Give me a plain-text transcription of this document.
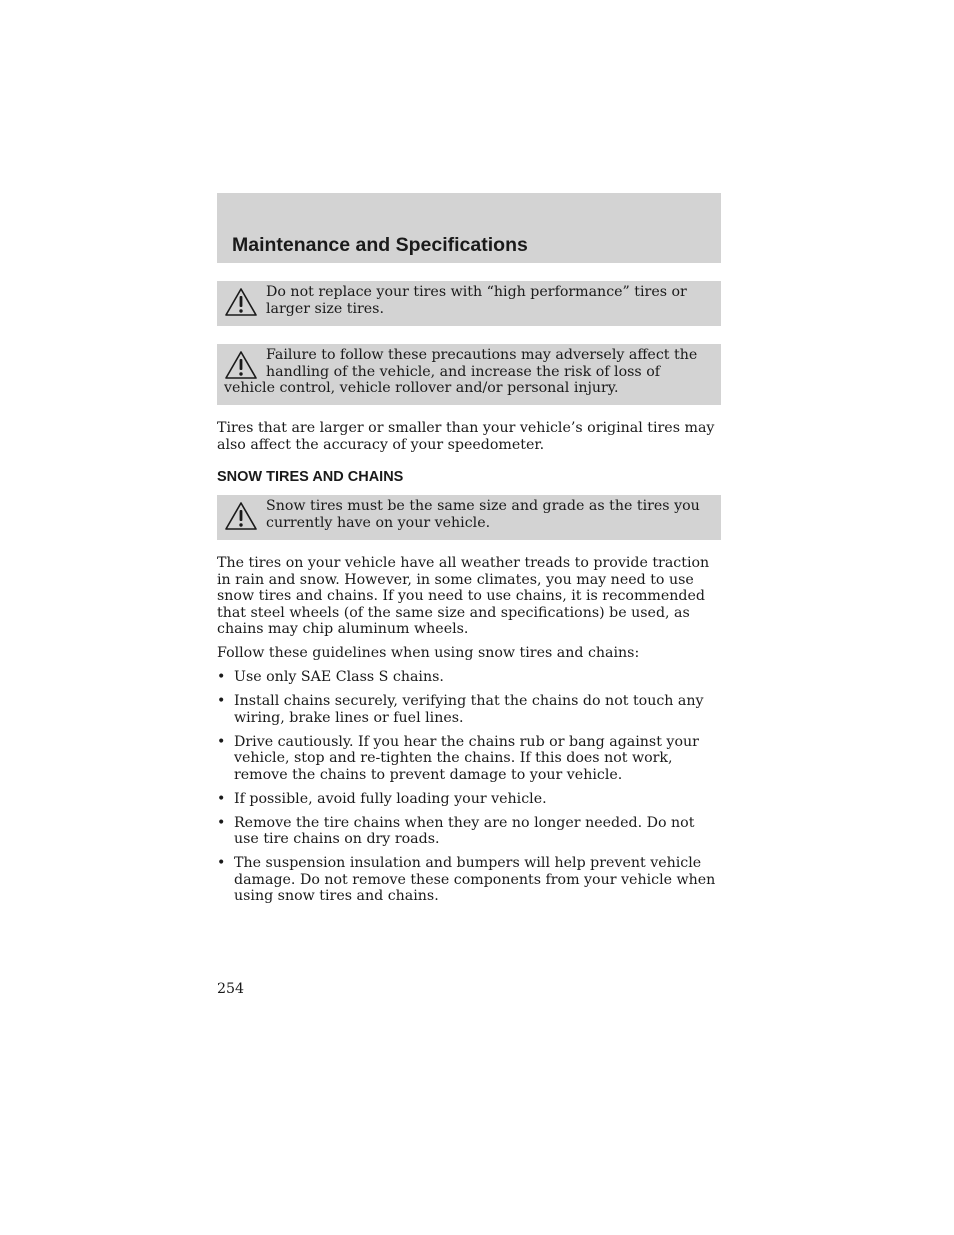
Maintenance and Specifications

Do not replace your tires with “high performance” tires or larger size tires.

Failure to follow these precautions may adversely affect the handling of the vehicle, and increase the risk of loss of vehicle control, vehicle rollover and/or personal injury.

Tires that are larger or smaller than your vehicle’s original tires may also affect the accuracy of your speedometer.

SNOW TIRES AND CHAINS

Snow tires must be the same size and grade as the tires you currently have on your vehicle.

The tires on your vehicle have all weather treads to provide traction in rain and snow. However, in some climates, you may need to use snow tires and chains. If you need to use chains, it is recommended that steel wheels (of the same size and specifications) be used, as chains may chip aluminum wheels.

Follow these guidelines when using snow tires and chains:

• Use only SAE Class S chains.
• Install chains securely, verifying that the chains do not touch any wiring, brake lines or fuel lines.
• Drive cautiously. If you hear the chains rub or bang against your vehicle, stop and re-tighten the chains. If this does not work, remove the chains to prevent damage to your vehicle.
• If possible, avoid fully loading your vehicle.
• Remove the tire chains when they are no longer needed. Do not use tire chains on dry roads.
• The suspension insulation and bumpers will help prevent vehicle damage. Do not remove these components from your vehicle when using snow tires and chains.

254
